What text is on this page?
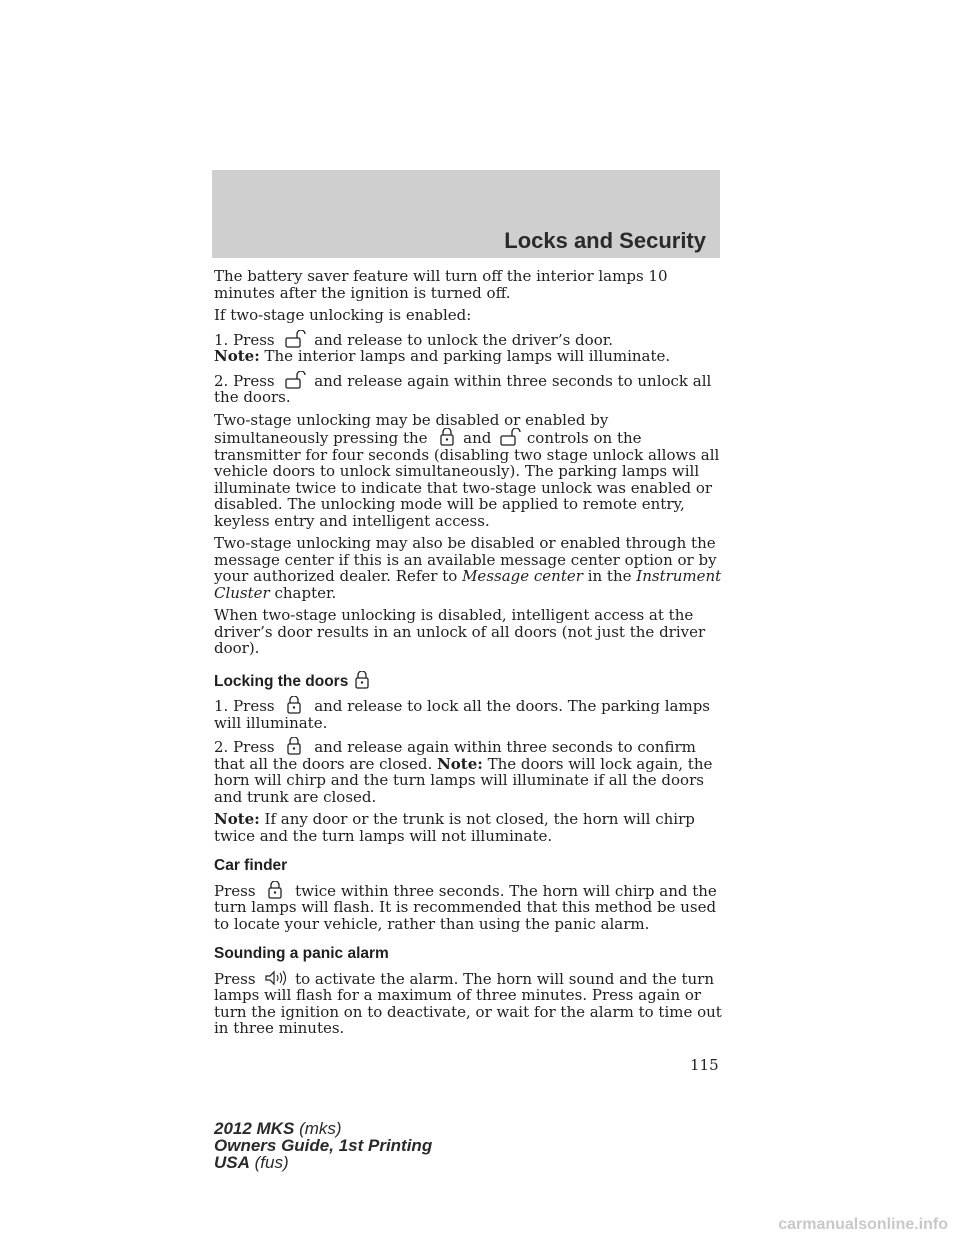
Locks and Security

The battery saver feature will turn off the interior lamps 10 minutes after the ignition is turned off.

If two-stage unlocking is enabled:

1. Press	and release to unlock the driver’s door.

Note: The interior lamps and parking lamps will illuminate.

2. Press	and release again within three seconds to unlock all the doors.

Two-stage unlocking may be disabled or enabled by simultaneously pressing the and controls on the transmitter for four seconds (disabling two stage unlock allows all vehicle doors to unlock simultaneously). The parking lamps will illuminate twice to indicate that two-stage unlock was enabled or disabled. The unlocking mode will be applied to remote entry, keyless entry and intelligent access.

Two-stage unlocking may also be disabled or enabled through the message center if this is an available message center option or by your authorized dealer. Refer to Message center in the Instrument Cluster chapter.

When two-stage unlocking is disabled, intelligent access at the driver’s door results in an unlock of all doors (not just the driver door).

Locking the doors

1. Press	and release to lock all the doors. The parking lamps will illuminate.

2. Press	and release again within three seconds to confirm that all the doors are closed. Note: The doors will lock again, the horn will chirp and the turn lamps will illuminate if all the doors and trunk are closed.

Note: If any door or the trunk is not closed, the horn will chirp twice and the turn lamps will not illuminate.

Car finder

Press	twice within three seconds. The horn will chirp and the turn lamps will flash. It is recommended that this method be used to locate your vehicle, rather than using the panic alarm.

Sounding a panic alarm

Press	to activate the alarm. The horn will sound and the turn lamps will flash for a maximum of three minutes. Press again or turn the ignition on to deactivate, or wait for the alarm to time out in three minutes.

115
2012 MKS (mks)
Owners Guide, 1st Printing
USA (fus)
carmanualsonline.info
